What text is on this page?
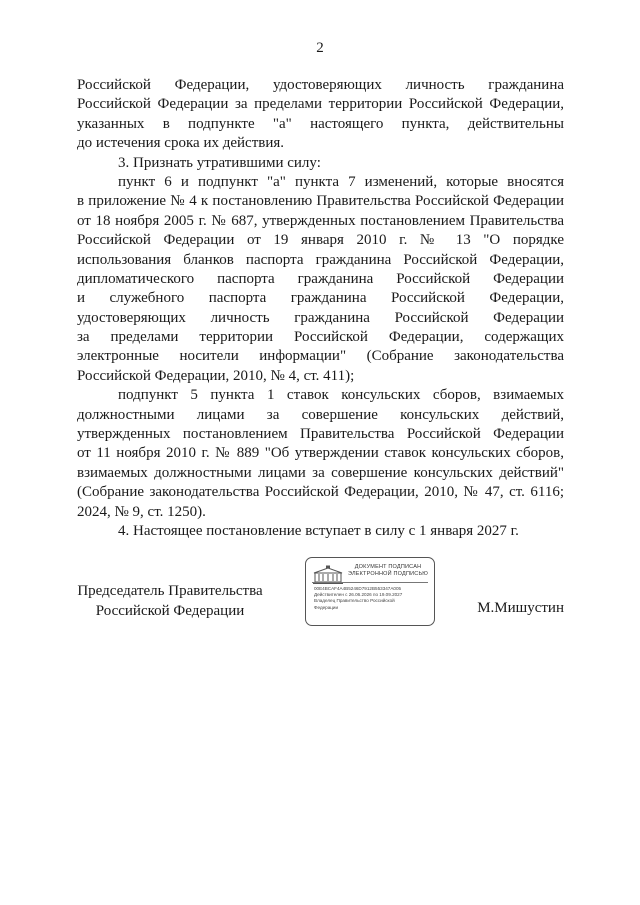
2
Российской Федерации, удостоверяющих личность гражданина
Российской Федерации за пределами территории Российской Федерации,
указанных в подпункте "а" настоящего пункта, действительны
до истечения срока их действия.
3. Признать утратившими силу:
пункт 6 и подпункт "а" пункта 7 изменений, которые вносятся
в приложение № 4 к постановлению Правительства Российской Федерации
от 18 ноября 2005 г. № 687, утвержденных постановлением Правительства
Российской Федерации от 19 января 2010 г. № 13 "О порядке
использования бланков паспорта гражданина Российской Федерации,
дипломатического паспорта гражданина Российской Федерации
и служебного паспорта гражданина Российской Федерации,
удостоверяющих личность гражданина Российской Федерации
за пределами территории Российской Федерации, содержащих
электронные носители информации" (Собрание законодательства
Российской Федерации, 2010, № 4, ст. 411);
подпункт 5 пункта 1 ставок консульских сборов, взимаемых
должностными лицами за совершение консульских действий,
утвержденных постановлением Правительства Российской Федерации
от 11 ноября 2010 г. № 889 "Об утверждении ставок консульских сборов,
взимаемых должностными лицами за совершение консульских действий"
(Собрание законодательства Российской Федерации, 2010, № 47, ст. 6116;
2024, № 9, ст. 1250).
4. Настоящее постановление вступает в силу с 1 января 2027 г.
Председатель Правительства
Российской Федерации	М.Мишустин
ДОКУМЕНТ ПОДПИСАН
ЭЛЕКТРОННОЙ ПОДПИСЬЮ
00E4BCAF4A4B5246D7912B553347A005
Действителен с 26.06.2026 по 19.09.2027
Владелец Правительство Российской
Федерации
